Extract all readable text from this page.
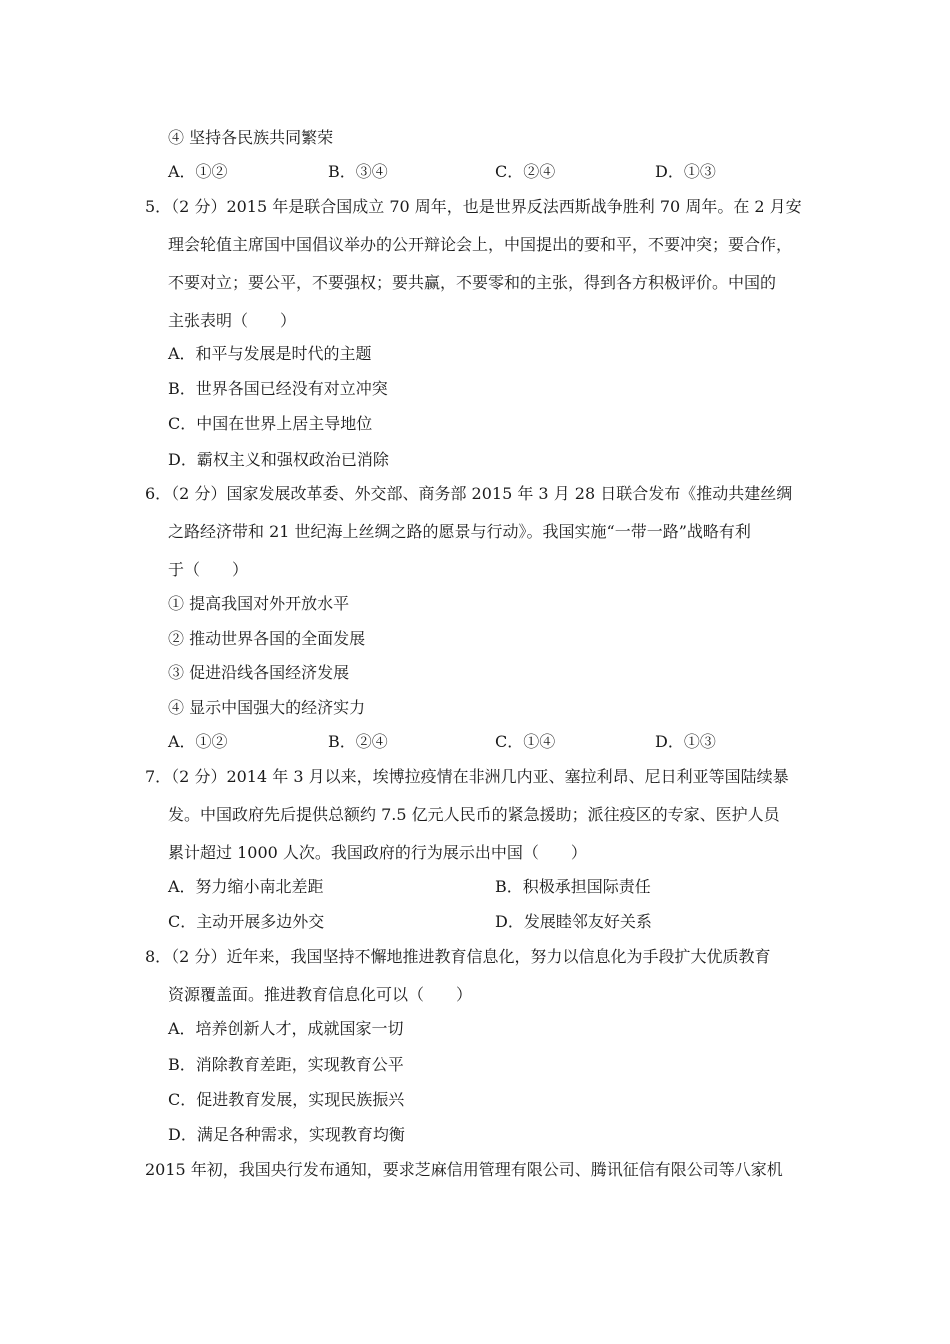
④ 坚持各民族共同繁荣
A．①②	B．③④	C．②④	D．①③
5．（2 分）2015 年是联合国成立 70 周年，也是世界反法西斯战争胜利 70 周年。在 2 月安
理会轮值主席国中国倡议举办的公开辩论会上，中国提出的要和平，不要冲突；要合作，
不要对立；要公平，不要强权；要共赢，不要零和的主张，得到各方积极评价。中国的
主张表明（　　）
A．和平与发展是时代的主题
B．世界各国已经没有对立冲突
C．中国在世界上居主导地位
D．霸权主义和强权政治已消除
6．（2 分）国家发展改革委、外交部、商务部 2015 年 3 月 28 日联合发布《推动共建丝绸
之路经济带和 21 世纪海上丝绸之路的愿景与行动》。我国实施“一带一路”战略有利
于（　　）
① 提高我国对外开放水平
② 推动世界各国的全面发展
③ 促进沿线各国经济发展
④ 显示中国强大的经济实力
A．①②	B．②④	C．①④	D．①③
7．（2 分）2014 年 3 月以来，埃博拉疫情在非洲几内亚、塞拉利昂、尼日利亚等国陆续暴
发。中国政府先后提供总额约 7.5 亿元人民币的紧急援助；派往疫区的专家、医护人员
累计超过 1000 人次。我国政府的行为展示出中国（　　）
A．努力缩小南北差距	B．积极承担国际责任
C．主动开展多边外交	D．发展睦邻友好关系
8．（2 分）近年来，我国坚持不懈地推进教育信息化，努力以信息化为手段扩大优质教育
资源覆盖面。推进教育信息化可以（　　）
A．培养创新人才，成就国家一切
B．消除教育差距，实现教育公平
C．促进教育发展，实现民族振兴
D．满足各种需求，实现教育均衡
2015 年初，我国央行发布通知，要求芝麻信用管理有限公司、腾讯征信有限公司等八家机
